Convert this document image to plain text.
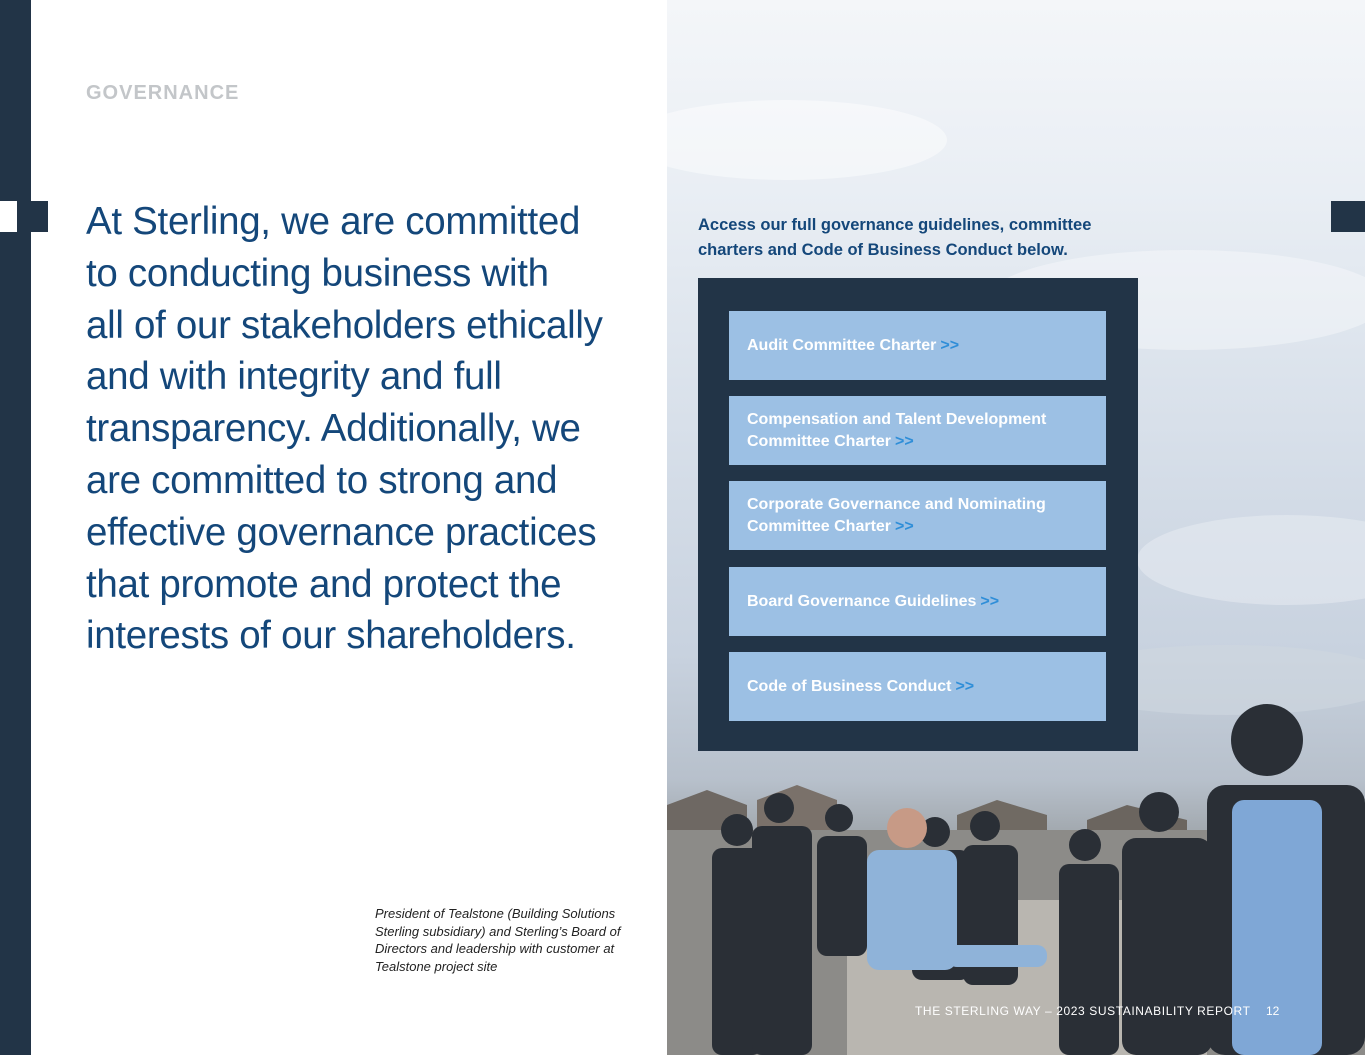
GOVERNANCE
At Sterling, we are committed
to conducting business with
all of our stakeholders ethically
and with integrity and full
transparency. Additionally, we
are committed to strong and
effective governance practices
that promote and protect the
interests of our shareholders.
President of Tealstone (Building Solutions
Sterling subsidiary) and Sterling’s Board of
Directors and leadership with customer at
Tealstone project site
Access our full governance guidelines, committee
charters and Code of Business Conduct below.
Audit Committee Charter >>
Compensation and Talent Development
Committee Charter >>
Corporate Governance and Nominating
Committee Charter >>
Board Governance Guidelines >>
Code of Business Conduct >>
THE STERLING WAY – 2023 SUSTAINABILITY REPORT 12
